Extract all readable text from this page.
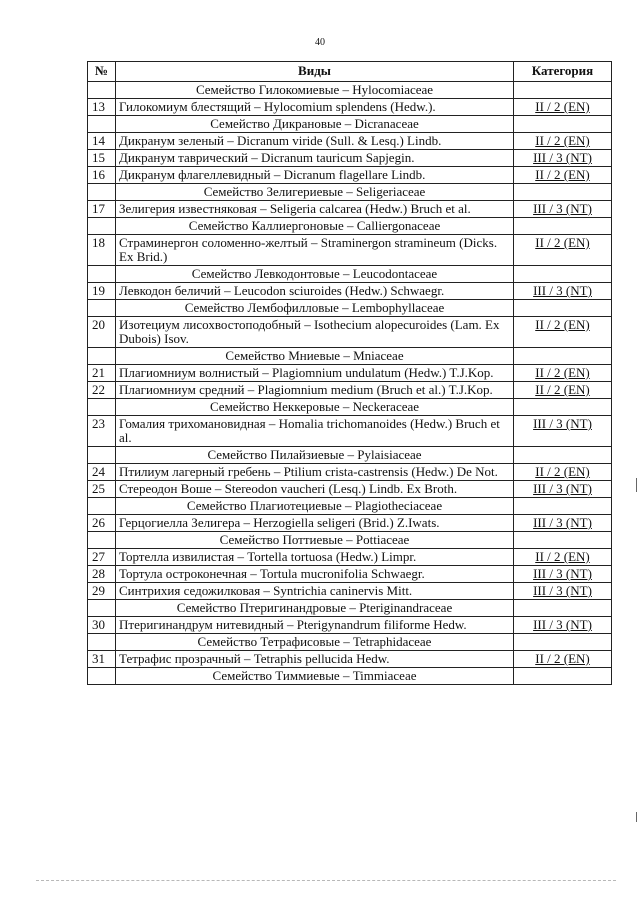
40
№	Виды	Категория
	Семейство Гилокомиевые – Hylocomiaceae	
13	Гилокомиум блестящий – Hylocomium splendens (Hedw.).	II / 2 (EN)
	Семейство Дикрановые – Dicranaceae	
14	Дикранум зеленый – Dicranum viride (Sull. & Lesq.) Lindb.	II / 2 (EN)
15	Дикранум таврический – Dicranum tauricum Sapjegin.	III / 3 (NT)
16	Дикранум флагеллевидный – Dicranum flagellare Lindb.	II / 2 (EN)
	Семейство Зелигериевые – Seligeriaceae	
17	Зелигерия известняковая – Seligeria calcarea (Hedw.) Bruch et al.	III / 3 (NT)
	Семейство Каллиергоновые – Calliergonaceae	
18	Страминергон соломенно-желтый – Straminergon stramineum (Dicks. Ex Brid.)	II / 2 (EN)
	Семейство Левкодонтовые – Leucodontaceae	
19	Левкодон беличий – Leucodon sciuroides (Hedw.) Schwaegr.	III / 3 (NT)
	Семейство Лембофилловые – Lembophyllaceae	
20	Изотециум лисохвостоподобный – Isothecium alopecuroides (Lam. Ex Dubois) Isov.	II / 2 (EN)
	Семейство Мниевые – Mniaceae	
21	Плагиомниум волнистый – Plagiomnium undulatum (Hedw.) T.J.Kop.	II / 2 (EN)
22	Плагиомниум средний – Plagiomnium medium (Bruch et al.) T.J.Kop.	II / 2 (EN)
	Семейство Неккеровые – Neckeraceae	
23	Гомалия трихомановидная – Homalia trichomanoides (Hedw.) Bruch et al.	III / 3 (NT)
	Семейство Пилайзиевые – Pylaisiaceae	
24	Птилиум лагерный гребень – Ptilium crista-castrensis (Hedw.) De Not.	II / 2 (EN)
25	Стереодон Воше – Stereodon vaucheri (Lesq.) Lindb. Ex Broth.	III / 3 (NT)
	Семейство Плагиотециевые – Plagiotheciaceae	
26	Герцогиелла Зелигера – Herzogiella seligeri (Brid.) Z.Iwats.	III / 3 (NT)
	Семейство Поттиевые – Pottiaceae	
27	Тортелла извилистая – Tortella tortuosa (Hedw.) Limpr.	II / 2 (EN)
28	Тортула остроконечная – Tortula mucronifolia Schwaegr.	III / 3 (NT)
29	Синтрихия седожилковая – Syntrichia caninervis Mitt.	III / 3 (NT)
	Семейство Птеригинандровые – Pteriginandraceae	
30	Птеригинандрум нитевидный – Pterigynandrum filiforme Hedw.	III / 3 (NT)
	Семейство Тетрафисовые – Tetraphidaceae	
31	Тетрафис прозрачный – Tetraphis pellucida Hedw.	II / 2 (EN)
	Семейство Тиммиевые – Timmiaceae	
